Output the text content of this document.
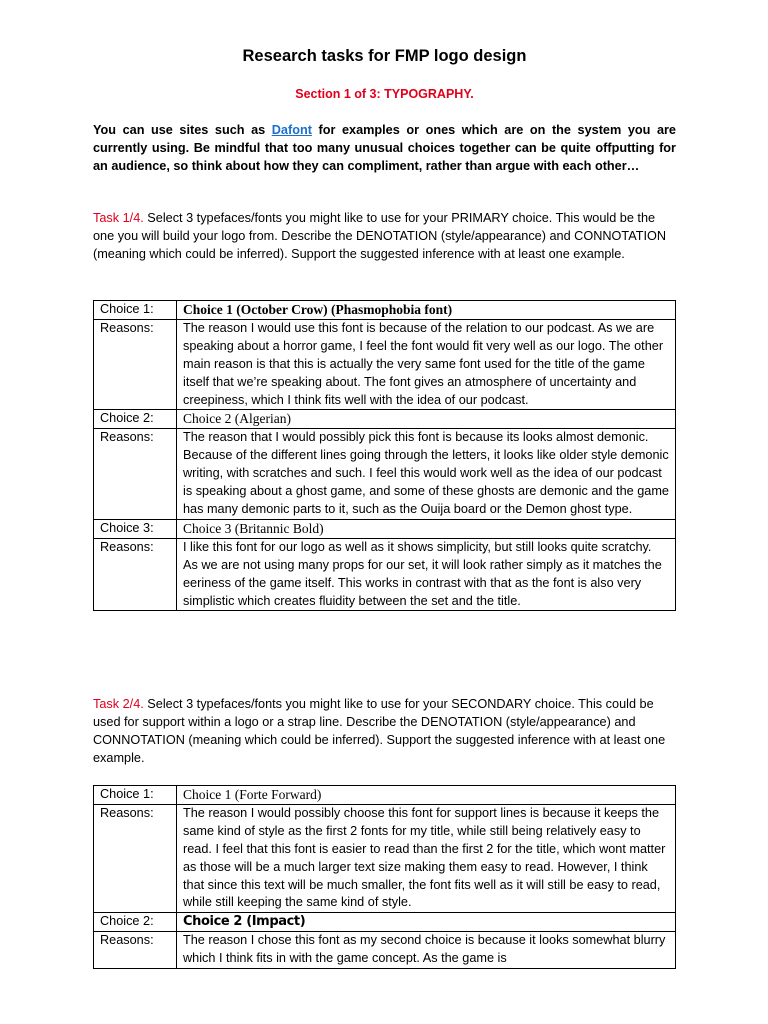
Research tasks for FMP logo design
Section 1 of 3: TYPOGRAPHY.
You can use sites such as Dafont for examples or ones which are on the system you are currently using. Be mindful that too many unusual choices together can be quite offputting for an audience, so think about how they can compliment, rather than argue with each other…
Task 1/4. Select 3 typefaces/fonts you might like to use for your PRIMARY choice. This would be the one you will build your logo from. Describe the DENOTATION (style/appearance) and CONNOTATION (meaning which could be inferred). Support the suggested inference with at least one example.
Choice 1:	Choice 1 (October Crow) (Phasmophobia font)
Reasons:	The reason I would use this font is because of the relation to our podcast. As we are speaking about a horror game, I feel the font would fit very well as our logo. The other main reason is that this is actually the very same font used for the title of the game itself that we’re speaking about. The font gives an atmosphere of uncertainty and creepiness, which I think fits well with the idea of our podcast.
Choice 2:	Choice 2 (Algerian)
Reasons:	The reason that I would possibly pick this font is because its looks almost demonic. Because of the different lines going through the letters, it looks like older style demonic writing, with scratches and such. I feel this would work well as the idea of our podcast is speaking about a ghost game, and some of these ghosts are demonic and the game has many demonic parts to it, such as the Ouija board or the Demon ghost type.
Choice 3:	Choice 3 (Britannic Bold)
Reasons:	I like this font for our logo as well as it shows simplicity, but still looks quite scratchy. As we are not using many props for our set, it will look rather simply as it matches the eeriness of the game itself. This works in contrast with that as the font is also very simplistic which creates fluidity between the set and the title.
Task 2/4. Select 3 typefaces/fonts you might like to use for your SECONDARY choice. This could be used for support within a logo or a strap line. Describe the DENOTATION (style/appearance) and CONNOTATION (meaning which could be inferred). Support the suggested inference with at least one example.
Choice 1:	Choice 1 (Forte Forward)
Reasons:	The reason I would possibly choose this font for support lines is because it keeps the same kind of style as the first 2 fonts for my title, while still being relatively easy to read. I feel that this font is easier to read than the first 2 for the title, which wont matter as those will be a much larger text size making them easy to read. However, I think that since this text will be much smaller, the font fits well as it will still be easy to read, while still keeping the same kind of style.
Choice 2:	Choice 2 (Impact)
Reasons:	The reason I chose this font as my second choice is because it looks somewhat blurry which I think fits in with the game concept. As the game is
